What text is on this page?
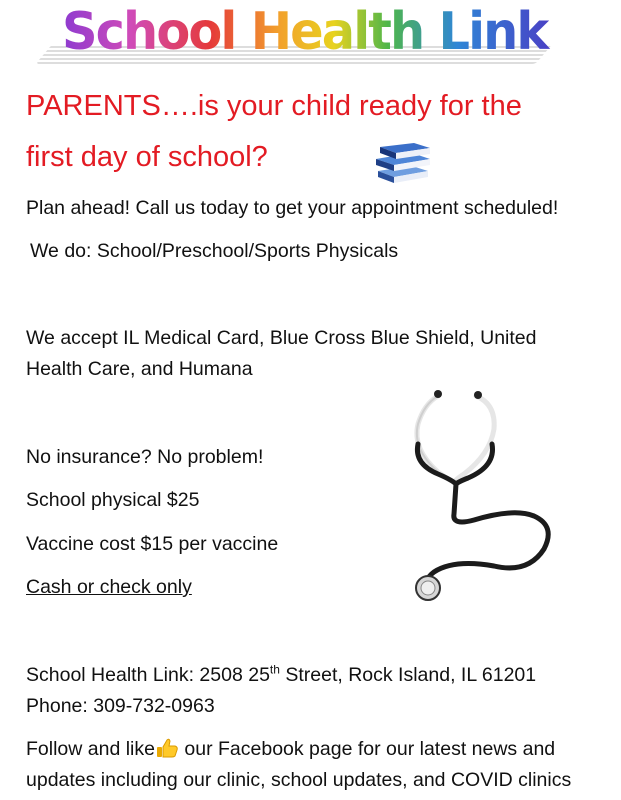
School Health Link
PARENTS….is your child ready for the
first day of school?
Plan ahead! Call us today to get your appointment scheduled!
We do: School/Preschool/Sports Physicals
We accept IL Medical Card, Blue Cross Blue Shield, United
Health Care, and Humana
No insurance? No problem!
School physical $25
Vaccine cost $15 per vaccine
Cash or check only
School Health Link: 2508 25th Street, Rock Island, IL 61201
Phone: 309-732-0963
Follow and like our Facebook page for our latest news and
updates including our clinic, school updates, and COVID clinics
